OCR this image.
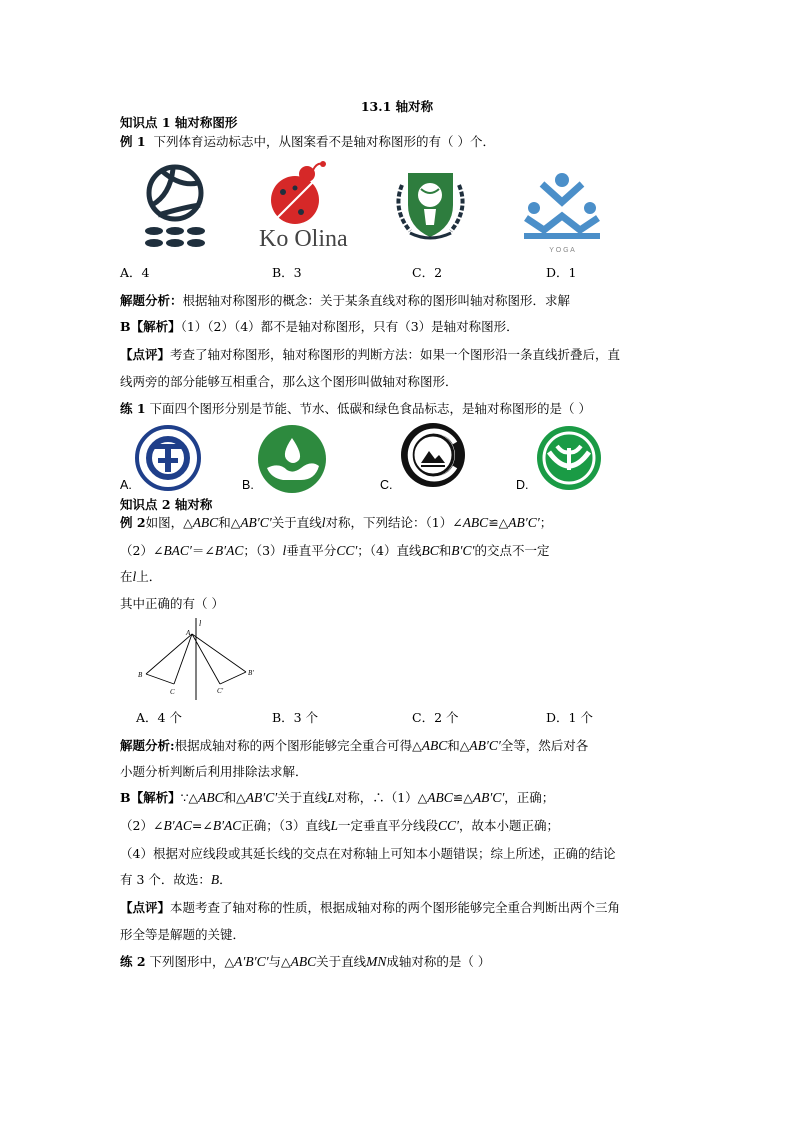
13.1 轴对称
知识点 1 轴对称图形
例 1 下列体育运动标志中，从图案看不是轴对称图形的有（ ）个．
Ko Olina	Y O G A
A．4	B．3	C．2	D．1
解题分析：根据轴对称图形的概念：关于某条直线对称的图形叫轴对称图形．求解
B【解析】（1）（2）（4）都不是轴对称图形，只有（3）是轴对称图形．
【点评】考查了轴对称图形，轴对称图形的判断方法：如果一个图形沿一条直线折叠后，直
线两旁的部分能够互相重合，那么这个图形叫做轴对称图形．
练 1 下面四个图形分别是节能、节水、低碳和绿色食品标志，是轴对称图形的是（ ）
A.	B.	C.	D.
知识点 2 轴对称
例 2如图，△ABC和△AB′C′关于直线l对称，下列结论：（1）∠ABC≌△AB′C′；
（2）∠BAC′＝∠B′AC；（3）l垂直平分CC′；（4）直线BC和B′C′的交点不一定
在l上．
其中正确的有（ ）
l
A
B	B′
C	C′
A．4 个	B．3 个	C．2 个	D．1 个
解题分析:根据成轴对称的两个图形能够完全重合可得△ABC和△AB′C′全等，然后对各
小题分析判断后利用排除法求解．
B【解析】∵△ABC和△AB′C′关于直线L对称，∴（1）△ABC≌△AB′C′，正确；
（2）∠B′AC=∠B′AC正确；（3）直线L一定垂直平分线段CC′，故本小题正确；
（4）根据对应线段或其延长线的交点在对称轴上可知本小题错误；综上所述，正确的结论
有 3 个．故选：B．
【点评】本题考查了轴对称的性质，根据成轴对称的两个图形能够完全重合判断出两个三角
形全等是解题的关键．
练 2 下列图形中，△A′B′C′与△ABC关于直线MN成轴对称的是（ ）
